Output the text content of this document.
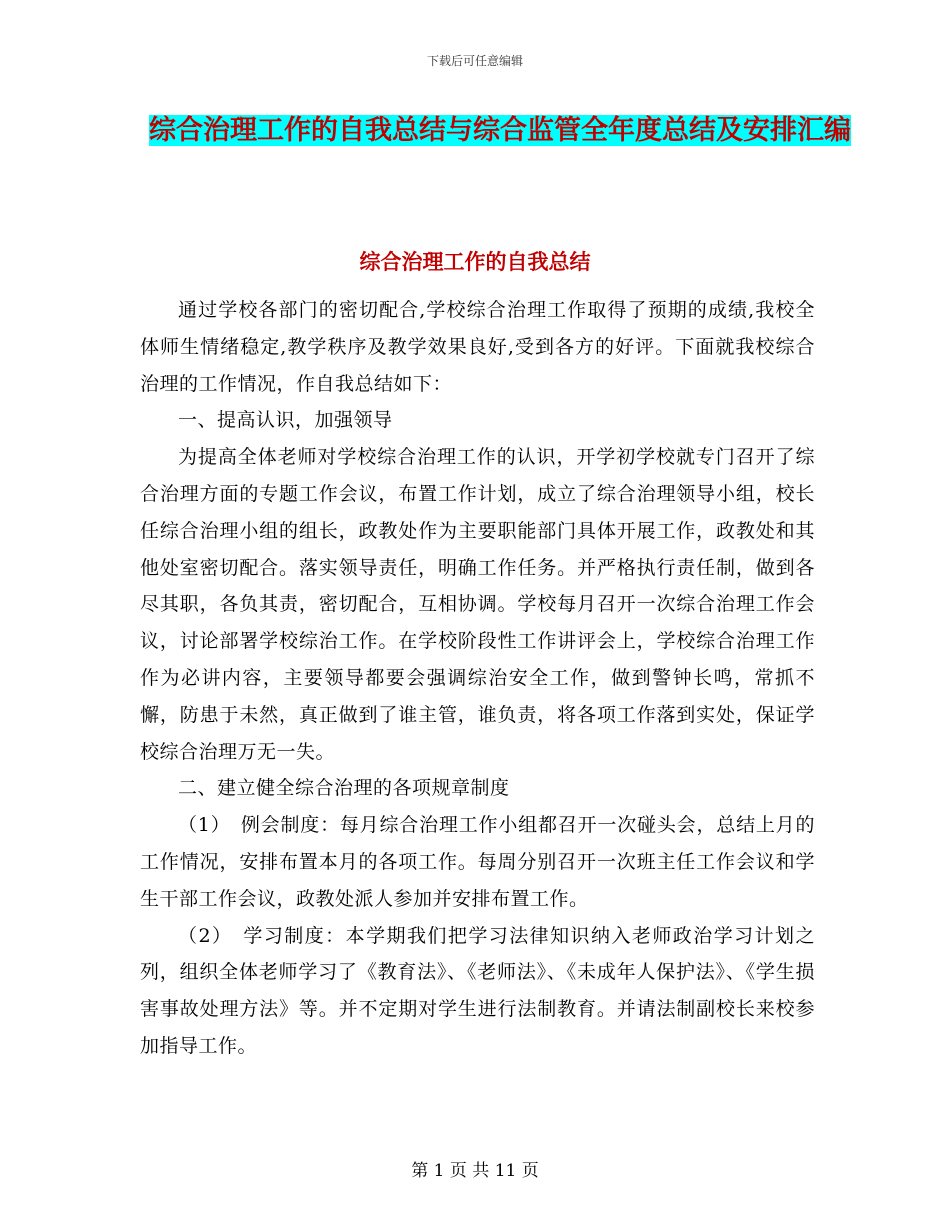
下载后可任意编辑
综合治理工作的自我总结与综合监管全年度总结及安排汇编
综合治理工作的自我总结

通过学校各部门的密切配合,学校综合治理工作取得了预期的成绩,我校全体师生情绪稳定,教学秩序及教学效果良好,受到各方的好评。下面就我校综合治理的工作情况，作自我总结如下：

一、提高认识，加强领导

为提高全体老师对学校综合治理工作的认识，开学初学校就专门召开了综合治理方面的专题工作会议，布置工作计划，成立了综合治理领导小组，校长任综合治理小组的组长，政教处作为主要职能部门具体开展工作，政教处和其他处室密切配合。落实领导责任，明确工作任务。并严格执行责任制，做到各尽其职，各负其责，密切配合，互相协调。学校每月召开一次综合治理工作会议，讨论部署学校综治工作。在学校阶段性工作讲评会上，学校综合治理工作作为必讲内容，主要领导都要会强调综治安全工作，做到警钟长鸣，常抓不懈，防患于未然，真正做到了谁主管，谁负责，将各项工作落到实处，保证学校综合治理万无一失。

二、建立健全综合治理的各项规章制度

（1）　例会制度：每月综合治理工作小组都召开一次碰头会，总结上月的工作情况，安排布置本月的各项工作。每周分别召开一次班主任工作会议和学生干部工作会议，政教处派人参加并安排布置工作。

（2）　学习制度：本学期我们把学习法律知识纳入老师政治学习计划之列，组织全体老师学习了《教育法》、《老师法》、《未成年人保护法》、《学生损害事故处理方法》等。并不定期对学生进行法制教育。并请法制副校长来校参加指导工作。

第 1 页 共 11 页
